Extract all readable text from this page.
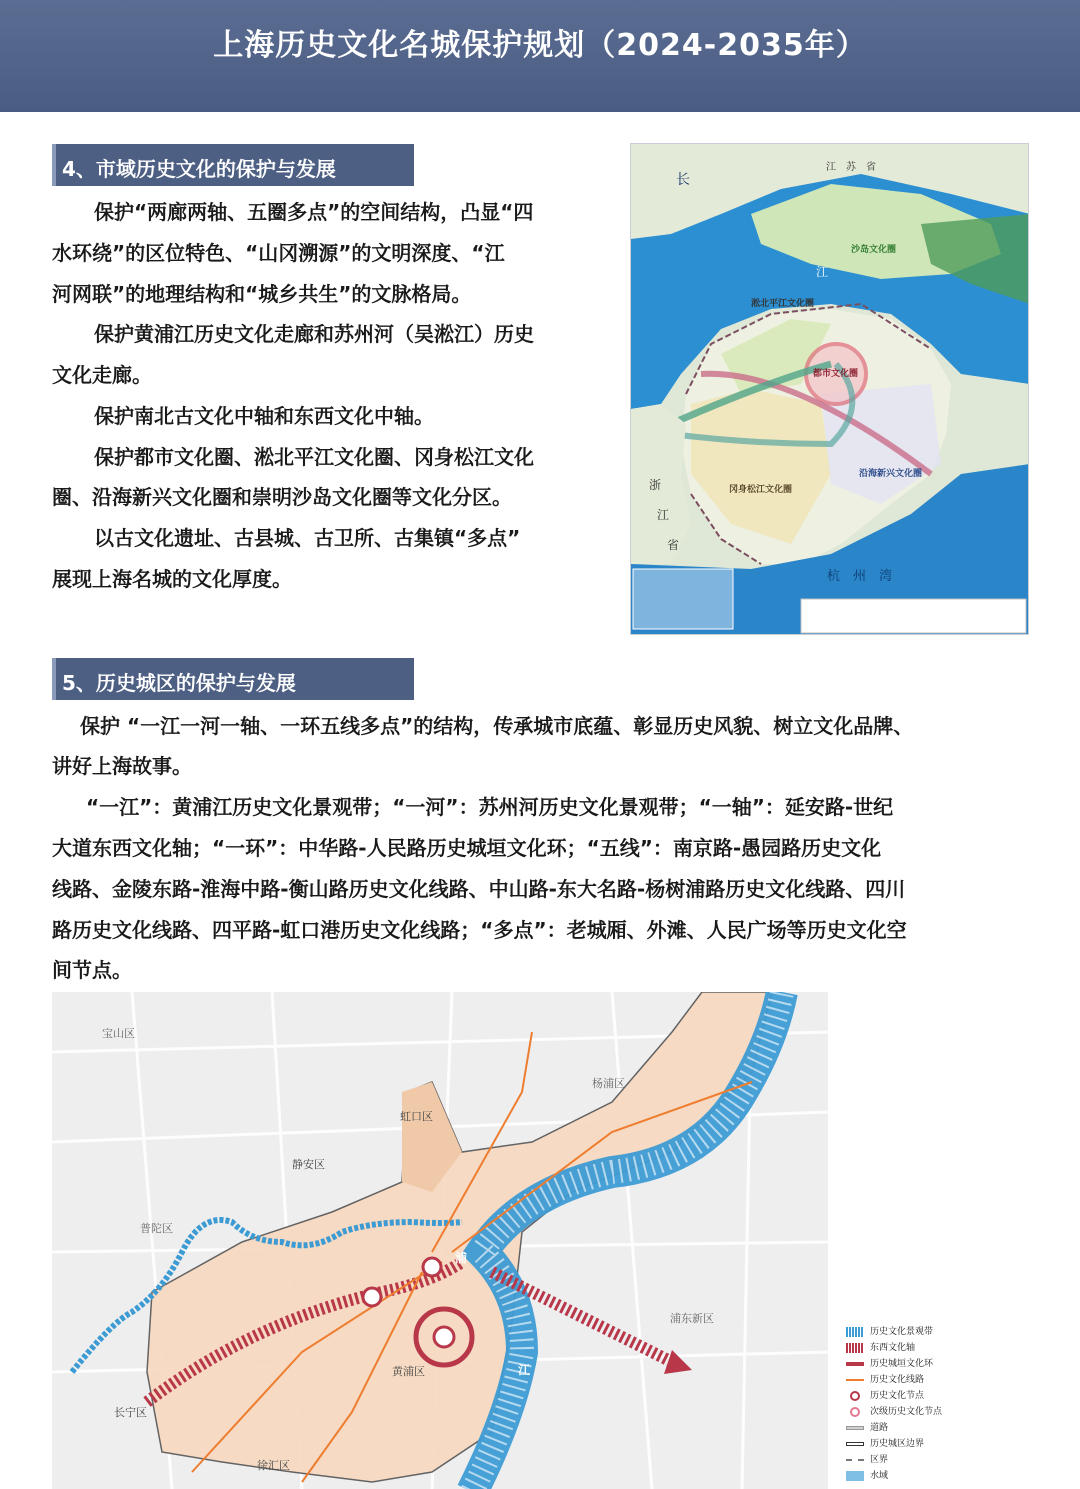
上海历史文化名城保护规划（2024-2035年）
4、市域历史文化的保护与发展
保护“两廊两轴、五圈多点”的空间结构，凸显“四
水环绕”的区位特色、“山冈溯源”的文明深度、“江
河网联”的地理结构和“城乡共生”的文脉格局。
保护黄浦江历史文化走廊和苏州河（吴淞江）历史
文化走廊。
保护南北古文化中轴和东西文化中轴。
保护都市文化圈、淞北平江文化圈、冈身松江文化
圈、沿海新兴文化圈和崇明沙岛文化圈等文化分区。
以古文化遗址、古县城、古卫所、古集镇“多点”
展现上海名城的文化厚度。
江　苏　省
长
江
沙岛文化圈
淞北平江文化圈
都市文化圈
冈身松江文化圈
沿海新兴文化圈
浙
江
省
杭　州　湾
5、历史城区的保护与发展
保护 “一江一河一轴、一环五线多点”的结构，传承城市底蕴、彰显历史风貌、树立文化品牌、
讲好上海故事。
“一江”：黄浦江历史文化景观带；“一河”：苏州河历史文化景观带；“一轴”：延安路-世纪
大道东西文化轴；“一环”：中华路-人民路历史城垣文化环；“五线”：南京路-愚园路历史文化
线路、金陵东路-淮海中路-衡山路历史文化线路、中山路-东大名路-杨树浦路历史文化线路、四川
路历史文化线路、四平路-虹口港历史文化线路；“多点”：老城厢、外滩、人民广场等历史文化空
间节点。
宝山区
杨浦区
虹口区
静安区
普陀区
黄浦区
浦东新区
长宁区
徐汇区
浦
江
历史文化景观带
东西文化轴
历史城垣文化环
历史文化线路
历史文化节点
次级历史文化节点
道路
历史城区边界
区界
水域
